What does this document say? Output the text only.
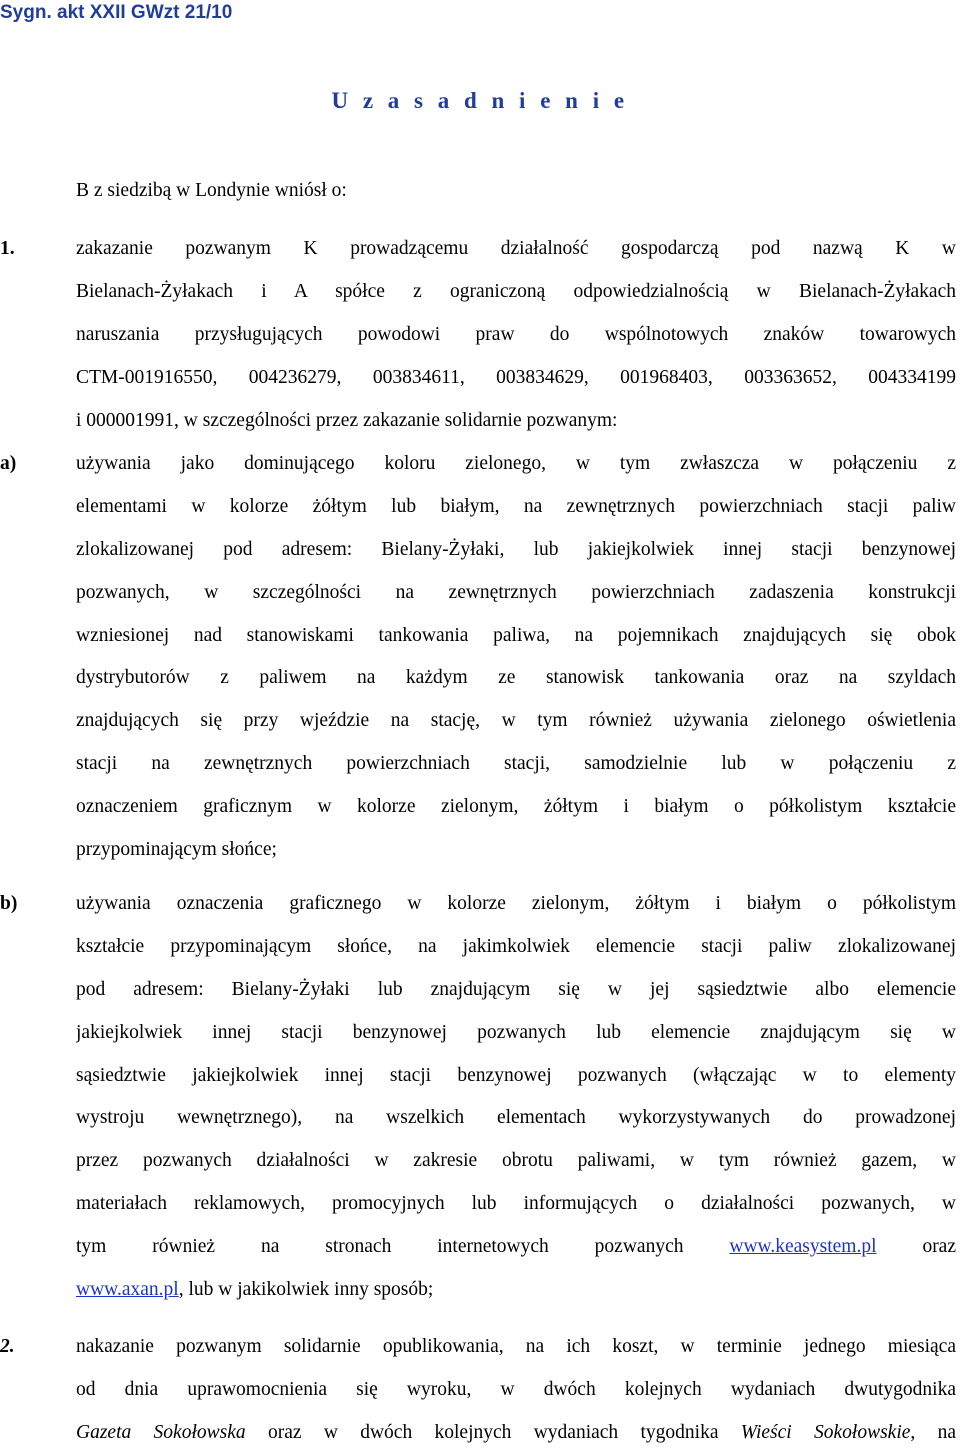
Sygn. akt XXII GWzt 21/10
U z a s a d n i e n i e
B z siedzibą w Londynie wniósł o:
1.	zakazanie pozwanym K prowadzącemu działalność gospodarczą pod nazwą K w
Bielanach-Żyłakach i A spółce z ograniczoną odpowiedzialnością w Bielanach-Żyłakach
naruszania przysługujących powodowi praw do wspólnotowych znaków towarowych
CTM-001916550, 004236279, 003834611, 003834629, 001968403, 003363652, 004334199
i 000001991, w szczególności przez zakazanie solidarnie pozwanym:
a)	używania jako dominującego koloru zielonego, w tym zwłaszcza w połączeniu z
elementami w kolorze żółtym lub białym, na zewnętrznych powierzchniach stacji paliw
zlokalizowanej pod adresem: Bielany-Żyłaki, lub jakiejkolwiek innej stacji benzynowej
pozwanych, w szczególności na zewnętrznych powierzchniach zadaszenia konstrukcji
wzniesionej nad stanowiskami tankowania paliwa, na pojemnikach znajdujących się obok
dystrybutorów z paliwem na każdym ze stanowisk tankowania oraz na szyldach
znajdujących się przy wjeździe na stację, w tym również używania zielonego oświetlenia
stacji na zewnętrznych powierzchniach stacji, samodzielnie lub w połączeniu z
oznaczeniem graficznym w kolorze zielonym, żółtym i białym o półkolistym kształcie
przypominającym słońce;
b)	używania oznaczenia graficznego w kolorze zielonym, żółtym i białym o półkolistym
kształcie przypominającym słońce, na jakimkolwiek elemencie stacji paliw zlokalizowanej
pod adresem: Bielany-Żyłaki lub znajdującym się w jej sąsiedztwie albo elemencie
jakiejkolwiek innej stacji benzynowej pozwanych lub elemencie znajdującym się w
sąsiedztwie jakiejkolwiek innej stacji benzynowej pozwanych (włączając w to elementy
wystroju wewnętrznego), na wszelkich elementach wykorzystywanych do prowadzonej
przez pozwanych działalności w zakresie obrotu paliwami, w tym również gazem, w
materiałach reklamowych, promocyjnych lub informujących o działalności pozwanych, w
tym również na stronach internetowych pozwanych www.keasystem.pl oraz
www.axan.pl, lub w jakikolwiek inny sposób;
2.	nakazanie pozwanym solidarnie opublikowania, na ich koszt, w terminie jednego miesiąca
od dnia uprawomocnienia się wyroku, w dwóch kolejnych wydaniach dwutygodnika
Gazeta Sokołowska oraz w dwóch kolejnych wydaniach tygodnika Wieści Sokołowskie, na
